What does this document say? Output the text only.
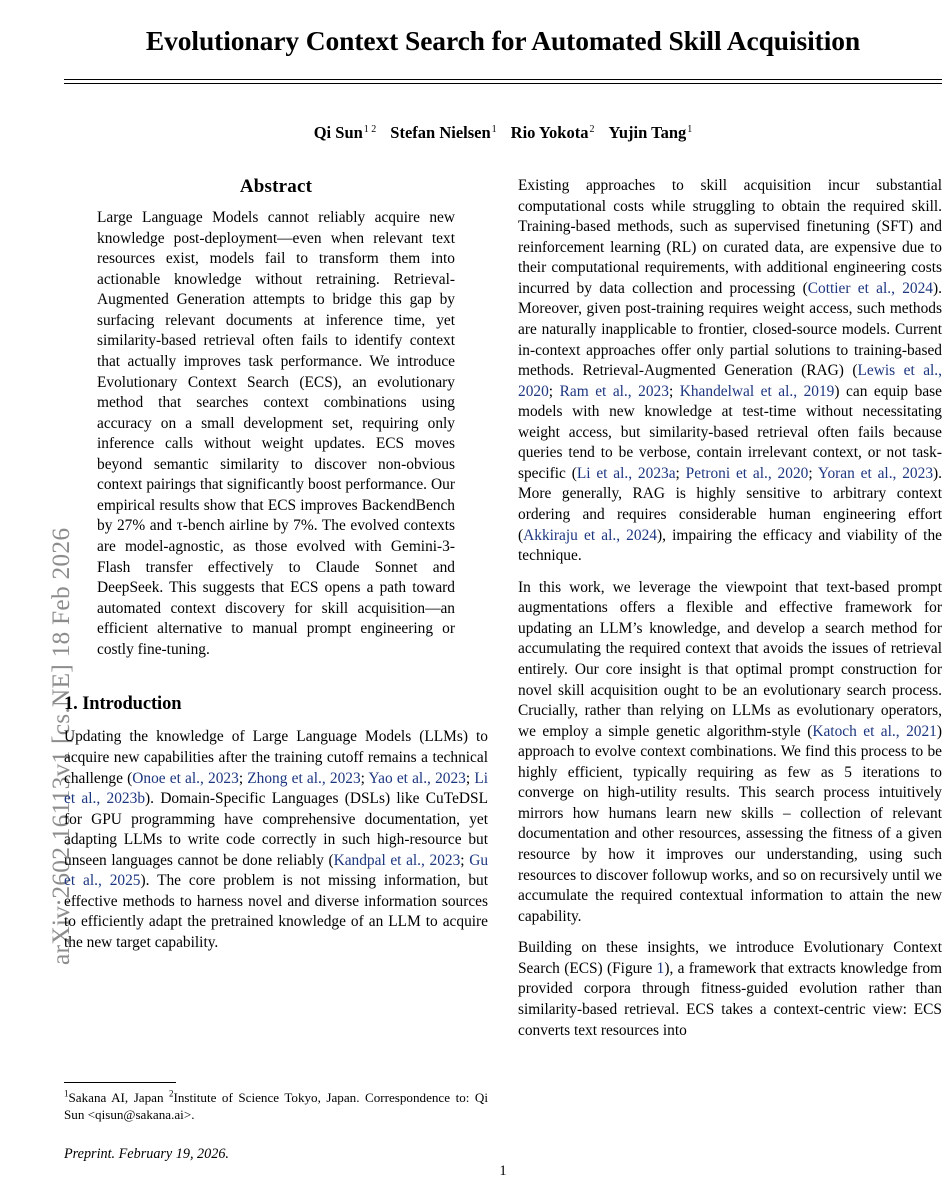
arXiv:2602.16113v1 [cs.NE] 18 Feb 2026
Evolutionary Context Search for Automated Skill Acquisition
Qi Sun$^{1 2}$ Stefan Nielsen$^1$ Rio Yokota$^2$ Yujin Tang$^1$
Abstract
Large Language Models cannot reliably acquire new knowledge post-deployment—even when relevant text resources exist, models fail to transform them into actionable knowledge without retraining. Retrieval-Augmented Generation attempts to bridge this gap by surfacing relevant documents at inference time, yet similarity-based retrieval often fails to identify context that actually improves task performance. We introduce Evolutionary Context Search (ECS), an evolutionary method that searches context combinations using accuracy on a small development set, requiring only inference calls without weight updates. ECS moves beyond semantic similarity to discover non-obvious context pairings that significantly boost performance. Our empirical results show that ECS improves BackendBench by 27% and τ-bench airline by 7%. The evolved contexts are model-agnostic, as those evolved with Gemini-3-Flash transfer effectively to Claude Sonnet and DeepSeek. This suggests that ECS opens a path toward automated context discovery for skill acquisition—an efficient alternative to manual prompt engineering or costly fine-tuning.
1. Introduction

Updating the knowledge of Large Language Models (LLMs) to acquire new capabilities after the training cutoff remains a technical challenge (Onoe et al., 2023; Zhong et al., 2023; Yao et al., 2023; Li et al., 2023b). Domain-Specific Languages (DSLs) like CuTeDSL for GPU programming have comprehensive documentation, yet adapting LLMs to write code correctly in such high-resource but unseen languages cannot be done reliably (Kandpal et al., 2023; Gu et al., 2025). The core problem is not missing information, but effective methods to harness novel and diverse information sources to efficiently adapt the pretrained knowledge of an LLM to acquire the new target capability.

Existing approaches to skill acquisition incur substantial computational costs while struggling to obtain the required skill. Training-based methods, such as supervised finetuning (SFT) and reinforcement learning (RL) on curated data, are expensive due to their computational requirements, with additional engineering costs incurred by data collection and processing (Cottier et al., 2024). Moreover, given post-training requires weight access, such methods are naturally inapplicable to frontier, closed-source models. Current in-context approaches offer only partial solutions to training-based methods. Retrieval-Augmented Generation (RAG) (Lewis et al., 2020; Ram et al., 2023; Khandelwal et al., 2019) can equip base models with new knowledge at test-time without necessitating weight access, but similarity-based retrieval often fails because queries tend to be verbose, contain irrelevant context, or not task-specific (Li et al., 2023a; Petroni et al., 2020; Yoran et al., 2023). More generally, RAG is highly sensitive to arbitrary context ordering and requires considerable human engineering effort (Akkiraju et al., 2024), impairing the efficacy and viability of the technique.

In this work, we leverage the viewpoint that text-based prompt augmentations offers a flexible and effective framework for updating an LLM’s knowledge, and develop a search method for accumulating the required context that avoids the issues of retrieval entirely. Our core insight is that optimal prompt construction for novel skill acquisition ought to be an evolutionary search process. Crucially, rather than relying on LLMs as evolutionary operators, we employ a simple genetic algorithm-style (Katoch et al., 2021) approach to evolve context combinations. We find this process to be highly efficient, typically requiring as few as 5 iterations to converge on high-utility results. This search process intuitively mirrors how humans learn new skills – collection of relevant documentation and other resources, assessing the fitness of a given resource by how it improves our understanding, using such resources to discover followup works, and so on recursively until we accumulate the required contextual information to attain the new capability.

Building on these insights, we introduce Evolutionary Context Search (ECS) (Figure 1), a framework that extracts knowledge from provided corpora through fitness-guided evolution rather than similarity-based retrieval. ECS takes a context-centric view: ECS converts text resources into

$^1$Sakana AI, Japan $^2$Institute of Science Tokyo, Japan. Correspondence to: Qi Sun <qisun@sakana.ai>.

Preprint. February 19, 2026.

1
